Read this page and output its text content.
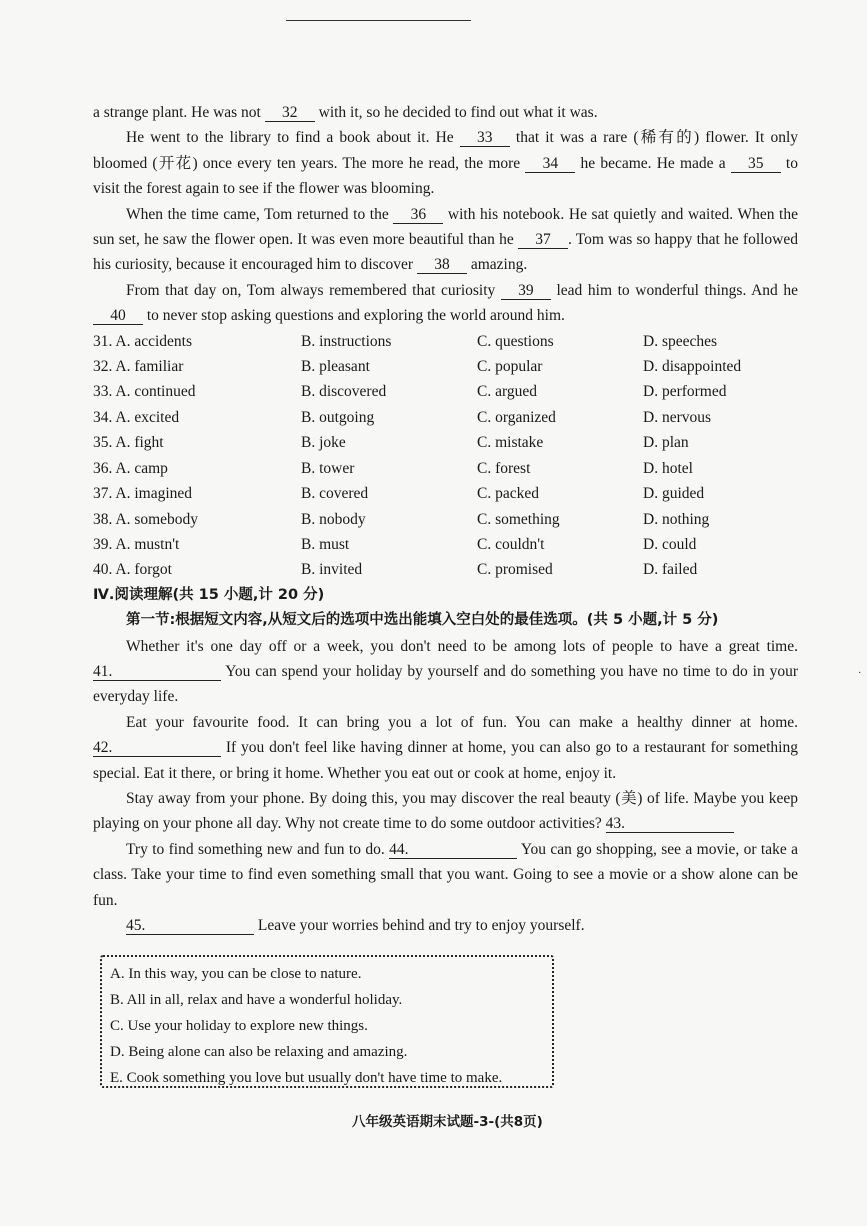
a strange plant. He was not 32 with it, so he decided to find out what it was.

He went to the library to find a book about it. He 33 that it was a rare (稀有的) flower. It only bloomed (开花) once every ten years. The more he read, the more 34 he became. He made a 35 to visit the forest again to see if the flower was blooming.

When the time came, Tom returned to the 36 with his notebook. He sat quietly and waited. When the sun set, he saw the flower open. It was even more beautiful than he 37 . Tom was so happy that he followed his curiosity, because it encouraged him to discover 38 amazing.

From that day on, Tom always remembered that curiosity 39 lead him to wonderful things. And he 40 to never stop asking questions and exploring the world around him.

31. A. accidents	B. instructions	C. questions	D. speeches
32. A. familiar	B. pleasant	C. popular	D. disappointed
33. A. continued	B. discovered	C. argued	D. performed
34. A. excited	B. outgoing	C. organized	D. nervous
35. A. fight	B. joke	C. mistake	D. plan
36. A. camp	B. tower	C. forest	D. hotel
37. A. imagined	B. covered	C. packed	D. guided
38. A. somebody	B. nobody	C. something	D. nothing
39. A. mustn't	B. must	C. couldn't	D. could
40. A. forgot	B. invited	C. promised	D. failed
Ⅳ.阅读理解(共 15 小题,计 20 分)
第一节:根据短文内容,从短文后的选项中选出能填入空白处的最佳选项。(共 5 小题,计 5 分)

Whether it's one day off or a week, you don't need to be among lots of people to have a great time. 41.	You can spend your holiday by yourself and do something you have no time to do in your everyday life.

Eat your favourite food. It can bring you a lot of fun. You can make a healthy dinner at home. 42.	If you don't feel like having dinner at home, you can also go to a restaurant for something special. Eat it there, or bring it home. Whether you eat out or cook at home, enjoy it.

Stay away from your phone. By doing this, you may discover the real beauty (美) of life. Maybe you keep playing on your phone all day. Why not create time to do some outdoor activities? 43.

Try to find something new and fun to do. 44.	You can go shopping, see a movie, or take a class. Take your time to find even something small that you want. Going to see a movie or a show alone can be fun.

45.	Leave your worries behind and try to enjoy yourself.

A. In this way, you can be close to nature.
B. All in all, relax and have a wonderful holiday.
C. Use your holiday to explore new things.
D. Being alone can also be relaxing and amazing.
E. Cook something you love but usually don't have time to make.
八年级英语期末试题-3-(共8页)
·
